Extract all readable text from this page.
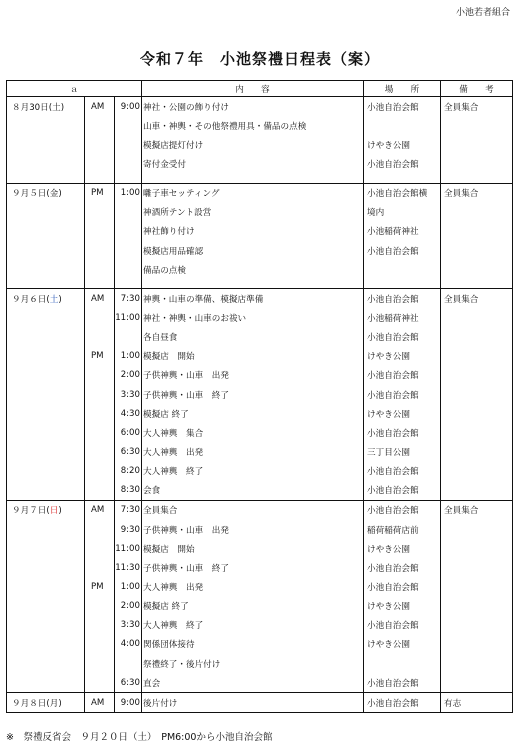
小池若者組合
令和７年　小池祭禮日程表（案）
ａ			内　　容	場　　所	備　　考
８月30日(土)	AM	9:00	神社・公園の飾り付け	小池自治会館	全員集合
			山車・神輿・その他祭禮用具・備品の点検		
			模擬店提灯付け	けやき公園	
			寄付金受付	小池自治会館	

９月５日(金)	PM	1:00	囃子車セッティング	小池自治会館横	全員集合
			神酒所テント設営	境内	
			神社飾り付け	小池稲荷神社	
			模擬店用品確認	小池自治会館	
			備品の点検		

９月６日(土)	AM	7:30	神輿・山車の準備、模擬店準備	小池自治会館	全員集合
		11:00	神社・神輿・山車のお祓い	小池稲荷神社	
			各自昼食	小池自治会館	
	PM	1:00	模擬店　開始	けやき公園	
		2:00	子供神輿・山車　出発	小池自治会館	
		3:30	子供神輿・山車　終了	小池自治会館	
		4:30	模擬店 終了	けやき公園	
		6:00	大人神輿　集合	小池自治会館	
		6:30	大人神輿　出発	三丁目公園	
		8:20	大人神輿　終了	小池自治会館	
		8:30	会食	小池自治会館	
９月７日(日)	AM	7:30	全員集合	小池自治会館	全員集合
		9:30	子供神輿・山車　出発	稲荷稲荷店前	
		11:00	模擬店　開始	けやき公園	
		11:30	子供神輿・山車　終了	小池自治会館	
	PM	1:00	大人神輿　出発	小池自治会館	
		2:00	模擬店 終了	けやき公園	
		3:30	大人神輿　終了	小池自治会館	
		4:00	関係団体接待	けやき公園	
			祭禮終了・後片付け		
		6:30	直会	小池自治会館	
９月８日(月)	AM	9:00	後片付け	小池自治会館	有志
※　祭禮反省会　９月２０日（土）　PM6:00から小池自治会館
